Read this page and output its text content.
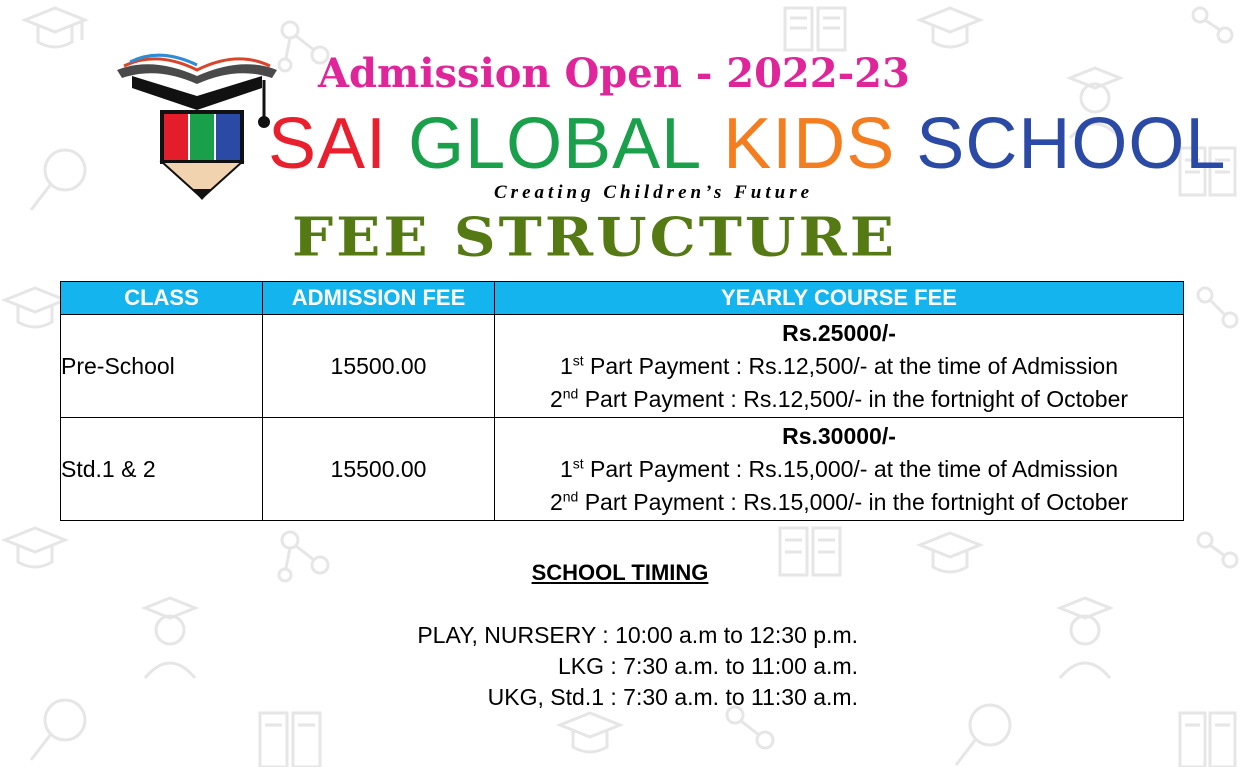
Admission Open - 2022-23
SAI GLOBAL KIDS SCHOOL
Creating Children’s Future
FEE STRUCTURE
CLASS	ADMISSION FEE	YEARLY COURSE FEE
Pre-School	15500.00	Rs.25000/-
1st Part Payment : Rs.12,500/- at the time of Admission
2nd Part Payment : Rs.12,500/- in the fortnight of October

Std.1 & 2	15500.00	Rs.30000/-
1st Part Payment : Rs.15,000/- at the time of Admission
2nd Part Payment : Rs.15,000/- in the fortnight of October
SCHOOL TIMING
PLAY, NURSERY : 10:00 a.m to 12:30 p.m.
LKG : 7:30 a.m. to 11:00 a.m.
UKG, Std.1 : 7:30 a.m. to 11:30 a.m.
